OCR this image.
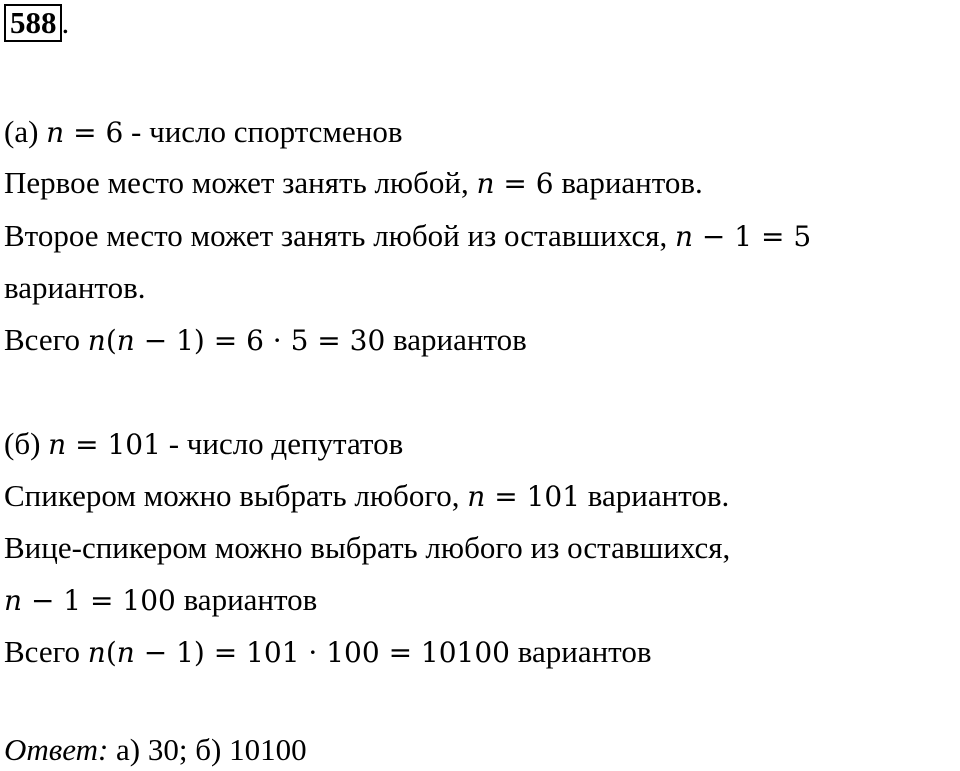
588 .
(а) n = 6 - число спортсменов
Первое место может занять любой, n = 6 вариантов.
Второе место может занять любой из оставшихся, n − 1 = 5
вариантов.
Всего n(n − 1) = 6 · 5 = 30 вариантов
(б) n = 101 - число депутатов
Спикером можно выбрать любого, n = 101 вариантов.
Вице-спикером можно выбрать любого из оставшихся,
n − 1 = 100 вариантов
Всего n(n − 1) = 101 · 100 = 10100 вариантов
Ответ: а) 30; б) 10100
